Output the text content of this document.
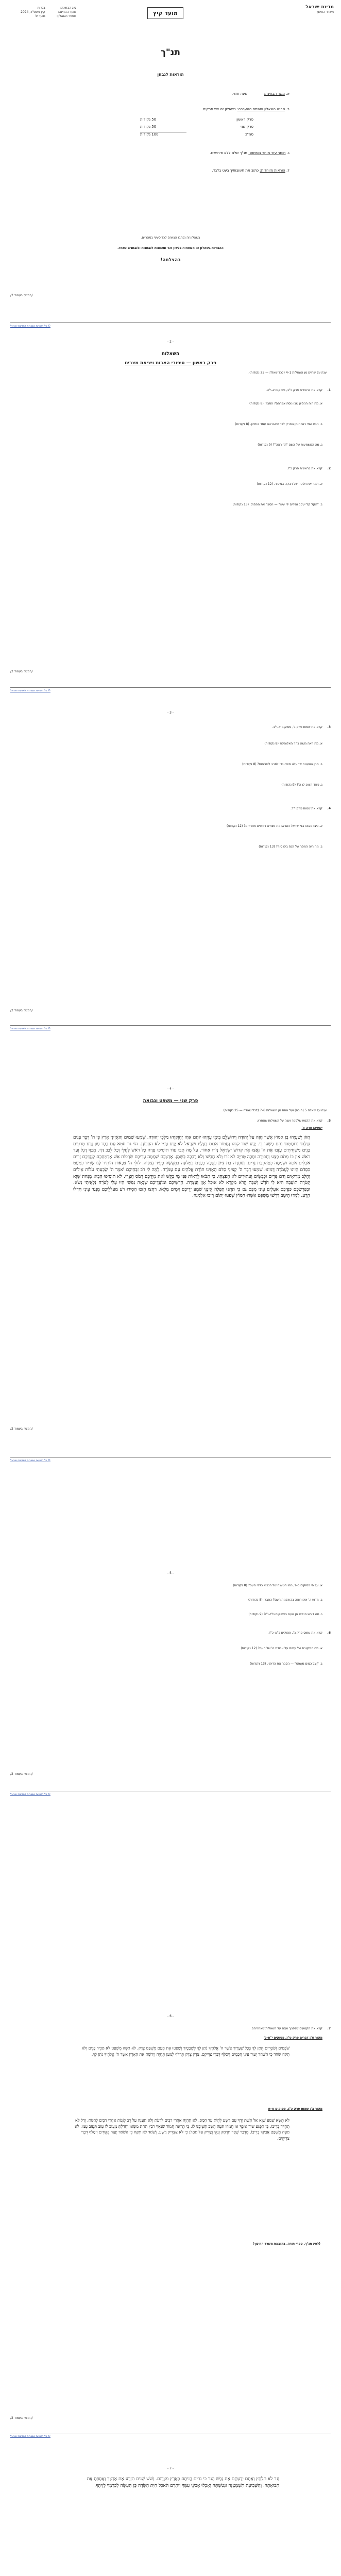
מדינת ישראל
משרד החינוך
מועד קיץ
סוג הבחינה:
מועד הבחינה:
מספר השאלון:
בגרות
קיץ תשפ"ד, 2024
מועד א'
תנ"ך
הוראות לנבחן
א. משך הבחינה: שעה וחצי.
ב. מבנה השאלון ומפתח ההערכה: בשאלון זה שני פרקים.
פרק ראשון
50 נקודות
פרק שני
50 נקודות
סה"כ
100 נקודות
ג. חומר עזר מותר בשימוש: תנ"ך שלם ללא פירושים.
ד. הוראות מיוחדות: כתוב את תשובותיך בעט בלבד.
בשאלון זה נכתבו הציונים לכל סעיף בסוגריים.
ההנחיות בשאלון זה מנוסחות בלשון זכר ומכוונות לנבחנות ולנבחנים כאחד.
בהצלחה!
/המשך בעמוד 2/
© כל הזכויות שמורות למדינת ישראל
- 2 -
השאלות
פרק ראשון — סיפורי האבות ויציאת מצרים
ענה על שתיים מן השאלות 1–4 (לכל שאלה — 25 נקודות).
1.
קרא את בראשית פרק כ"ב, פסוקים א–י"ט.
א. מה היה הניסיון שבו נוסה אברהם? הסבר. (8 נקודות)
ב. הבא שתי ראיות מן הפרק לכך שאברהם עמד בניסיון. (8 נקודות)
ג. מה המשמעות של השם "ה' יראה"? (9 נקודות)
2.
קרא את בראשית פרק כ"ז.
א. תאר את חלקה של רבקה בסיפור. (12 נקודות)
ב. "הקל קל יעקב והידים ידי עשו" — הסבר את הפסוק. (13 נקודות)
/המשך בעמוד 2/
© כל הזכויות שמורות למדינת ישראל
- 3 -
3.
קרא את שמות פרק ג', פסוקים א–י"ב.
א. מה ראה משה בהר האלוהים? (8 נקודות)
ב. מהן הטענות שהעלה משה כדי לסרב לשליחות? (8 נקודות)
ג. כיצד השיב לו ה'? (9 נקודות)
4.
קרא את שמות פרק י"ד.
א. כיצד הגיבו בני ישראל כשראו את מצרים רודפים אחריהם? (12 נקודות)
ב. מה היה המסר של הנס בים סוף? (13 נקודות)
/המשך בעמוד 2/
© כל הזכויות שמורות למדינת ישראל
- 4 -
פרק שני — משפט ונבואה
ענה על שאלה 5 (חובה) ועל אחת מן השאלות 6–7 (לכל שאלה — 25 נקודות).
5.
קרא את הקטע שלפניך וענה על השאלות שאחריו.
ישעיהו פרק א'
חֲזוֹן יְשַׁעְיָהוּ בֶן אָמוֹץ אֲשֶׁר חָזָה עַל יְהוּדָה וִירוּשָׁלִָם בִּימֵי עֻזִּיָּהוּ יוֹתָם אָחָז יְחִזְקִיָּהוּ מַלְכֵי יְהוּדָה. שִׁמְעוּ שָׁמַיִם וְהַאֲזִינִי אֶרֶץ כִּי ה' דִּבֵּר בָּנִים גִּדַּלְתִּי וְרוֹמַמְתִּי וְהֵם פָּשְׁעוּ בִי. יָדַע שׁוֹר קֹנֵהוּ וַחֲמוֹר אֵבוּס בְּעָלָיו יִשְׂרָאֵל לֹא יָדַע עַמִּי לֹא הִתְבּוֹנָן. הוֹי גּוֹי חֹטֵא עַם כֶּבֶד עָוֹן זֶרַע מְרֵעִים בָּנִים מַשְׁחִיתִים עָזְבוּ אֶת ה' נִאֲצוּ אֶת קְדוֹשׁ יִשְׂרָאֵל נָזֹרוּ אָחוֹר. עַל מֶה תֻכּוּ עוֹד תּוֹסִיפוּ סָרָה כָּל רֹאשׁ לָחֳלִי וְכָל לֵבָב דַּוָּי. מִכַּף רֶגֶל וְעַד רֹאשׁ אֵין בּוֹ מְתֹם פֶּצַע וְחַבּוּרָה וּמַכָּה טְרִיָּה לֹא זֹרוּ וְלֹא חֻבָּשׁוּ וְלֹא רֻכְּכָה בַּשָּׁמֶן. אַרְצְכֶם שְׁמָמָה עָרֵיכֶם שְׂרֻפוֹת אֵשׁ אַדְמַתְכֶם לְנֶגְדְּכֶם זָרִים אֹכְלִים אֹתָהּ וּשְׁמָמָה כְּמַהְפֵּכַת זָרִים. וְנוֹתְרָה בַת צִיּוֹן כְּסֻכָּה בְכָרֶם כִּמְלוּנָה בְמִקְשָׁה כְּעִיר נְצוּרָה. לוּלֵי ה' צְבָאוֹת הוֹתִיר לָנוּ שָׂרִיד כִּמְעָט כִּסְדֹם הָיִינוּ לַעֲמֹרָה דָּמִינוּ. שִׁמְעוּ דְבַר ה' קְצִינֵי סְדֹם הַאֲזִינוּ תּוֹרַת אֱלֹהֵינוּ עַם עֲמֹרָה. לָמָּה לִּי רֹב זִבְחֵיכֶם יֹאמַר ה' שָׂבַעְתִּי עֹלוֹת אֵילִים וְחֵלֶב מְרִיאִים וְדַם פָּרִים וּכְבָשִׂים וְעַתּוּדִים לֹא חָפָצְתִּי. כִּי תָבֹאוּ לֵרָאוֹת פָּנָי מִי בִקֵּשׁ זֹאת מִיֶּדְכֶם רְמֹס חֲצֵרָי. לֹא תוֹסִיפוּ הָבִיא מִנְחַת שָׁוְא קְטֹרֶת תּוֹעֵבָה הִיא לִי חֹדֶשׁ וְשַׁבָּת קְרֹא מִקְרָא לֹא אוּכַל אָוֶן וַעֲצָרָה. חָדְשֵׁיכֶם וּמוֹעֲדֵיכֶם שָׂנְאָה נַפְשִׁי הָיוּ עָלַי לָטֹרַח נִלְאֵיתִי נְשֹׂא. וּבְפָרִשְׂכֶם כַּפֵּיכֶם אַעְלִים עֵינַי מִכֶּם גַּם כִּי תַרְבּוּ תְפִלָּה אֵינֶנִּי שֹׁמֵעַ יְדֵיכֶם דָּמִים מָלֵאוּ. רַחֲצוּ הִזַּכּוּ הָסִירוּ רֹעַ מַעַלְלֵיכֶם מִנֶּגֶד עֵינָי חִדְלוּ הָרֵעַ. לִמְדוּ הֵיטֵב דִּרְשׁוּ מִשְׁפָּט אַשְּׁרוּ חָמוֹץ שִׁפְטוּ יָתוֹם רִיבוּ אַלְמָנָה.
/המשך בעמוד 2/
© כל הזכויות שמורות למדינת ישראל
- 5 -
א. על פי פסוקים ב–ד, מהי הטענה של הנביא כלפי העם? (8 נקודות)
ב. מדוע ה' אינו רוצה בקורבנות העם? הסבר. (8 נקודות)
ג. מה דורש הנביא מן העם בפסוקים ט"ז–י"ז? (9 נקודות)
6.
קרא את עמוס פרק ה', פסוקים כ"א–כ"ד.
א. מה הביקורת של עמוס על עבודת ה' של העם? (12 נקודות)
ב. "וְיִגַּל כַּמַּיִם מִשְׁפָּט" — הסבר את הדימוי. (13 נקודות)
/המשך בעמוד 2/
© כל הזכויות שמורות למדינת ישראל
- 6 -
7.
קרא את הקטעים שלפניך וענה על השאלות שאחריהם.
מקור א': דברים פרק ט"ז, פסוקים י"ח–כ'
שֹׁפְטִים וְשֹׁטְרִים תִּתֶּן לְךָ בְּכָל שְׁעָרֶיךָ אֲשֶׁר ה' אֱלֹהֶיךָ נֹתֵן לְךָ לִשְׁבָטֶיךָ וְשָׁפְטוּ אֶת הָעָם מִשְׁפַּט צֶדֶק. לֹא תַטֶּה מִשְׁפָּט לֹא תַכִּיר פָּנִים וְלֹא תִקַּח שֹׁחַד כִּי הַשֹּׁחַד יְעַוֵּר עֵינֵי חֲכָמִים וִיסַלֵּף דִּבְרֵי צַדִּיקִם. צֶדֶק צֶדֶק תִּרְדֹּף לְמַעַן תִּחְיֶה וְיָרַשְׁתָּ אֶת הָאָרֶץ אֲשֶׁר ה' אֱלֹהֶיךָ נֹתֵן לָךְ.
מקור ב': שמות פרק כ"ג, פסוקים א–ח
לֹא תִשָּׂא שֵׁמַע שָׁוְא אַל תָּשֶׁת יָדְךָ עִם רָשָׁע לִהְיֹת עֵד חָמָס. לֹא תִהְיֶה אַחֲרֵי רַבִּים לְרָעֹת וְלֹא תַעֲנֶה עַל רִב לִנְטֹת אַחֲרֵי רַבִּים לְהַטֹּת. וְדָל לֹא תֶהְדַּר בְּרִיבוֹ. כִּי תִפְגַּע שׁוֹר אֹיִבְךָ אוֹ חֲמֹרוֹ תֹּעֶה הָשֵׁב תְּשִׁיבֶנּוּ לוֹ. כִּי תִרְאֶה חֲמוֹר שֹׂנַאֲךָ רֹבֵץ תַּחַת מַשָּׂאוֹ וְחָדַלְתָּ מֵעֲזֹב לוֹ עָזֹב תַּעֲזֹב עִמּוֹ. לֹא תַטֶּה מִשְׁפַּט אֶבְיֹנְךָ בְּרִיבוֹ. מִדְּבַר שֶׁקֶר תִּרְחָק וְנָקִי וְצַדִּיק אַל תַּהֲרֹג כִּי לֹא אַצְדִּיק רָשָׁע. וְשֹׁחַד לֹא תִקָּח כִּי הַשֹּׁחַד יְעַוֵּר פִּקְחִים וִיסַלֵּף דִּבְרֵי צַדִּיקִים.
(לפי: תנ"ך, ספרי תורה, בהוצאת משרד החינוך)
/המשך בעמוד 2/
© כל הזכויות שמורות למדינת ישראל
- 7 -
וְגֵר לֹא תִלְחָץ וְאַתֶּם יְדַעְתֶּם אֶת נֶפֶשׁ הַגֵּר כִּי גֵרִים הֱיִיתֶם בְּאֶרֶץ מִצְרָיִם. וְשֵׁשׁ שָׁנִים תִּזְרַע אֶת אַרְצֶךָ וְאָסַפְתָּ אֶת תְּבוּאָתָהּ. וְהַשְּׁבִיעִת תִּשְׁמְטֶנָּה וּנְטַשְׁתָּהּ וְאָכְלוּ אֶבְיֹנֵי עַמֶּךָ וְיִתְרָם תֹּאכַל חַיַּת הַשָּׂדֶה כֵּן תַּעֲשֶׂה לְכַרְמְךָ לְזֵיתֶךָ.
